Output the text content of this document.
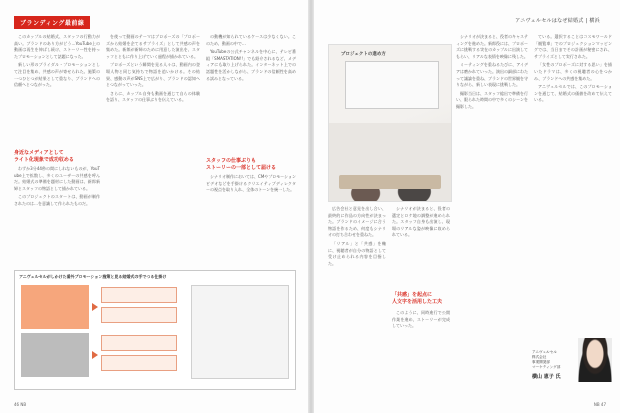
ブランディング最前線

このカップルの結婚式、スタッフの行動力が高い。ブランドのあり方がどう…YouTube上の動画は再生を伸ばし続け、ストーリー性を持ったプロモーションとして話題になった。

新しい形のブライダル・プロモーションとして注目を集め、共感の声が寄せられた。施策の一つひとつが結果として重なり、ブランドへの信頼へとつながった。

身近なメディアとして
ライト化現象で成功収める

わずか3分44秒の間にしれないものが、YouTube上で拡散し、多くのユーザーの共感を呼んだ。結婚式の準備を題材にした動画は、新郎新婦とスタッフの物語として描かれている。

このプロジェクトのスタートは、動画が制作されたのは…を意識して作られたものだ。

を使って動画のテーマはブロポーズの「プロポーズから結婚を企てるサプライズ」として共感の声を集めた。新郎が新婦のために用意した演出を、スタッフとともに作り上げていく過程が描かれている。

プロポーズという瞬間を見る人々は、動画内の登場人物と同じ気持ちで物語を追いかける。その結果、感動の声がSNS上で広がり、ブランドの認知へとつながっていった。

さらに、カップル自身も動画を通じて自らの体験を語り、スタッフの仕事ぶりを伝えている。

の動機が知られているケースは少なくない。このため、動画の中で…

YouTubeの公式チャンネルを中心に、テレビ番組「SMASTATION!!」でも紹介されるなど、メディアにも取り上げられた。インターネット上での話題性を活かしながら、ブランドの信頼性を高める試みとなっている。

スタッフの仕事ぶりも
ストーリーの一部として届ける

シナリオ制作においては、CMやプロモーションビデオなどを手掛けるクリエイティブディレクターの視点を取り入れ、全体のトーンを統一した。

アニヴェルセルがしかけた番外プロモーション施策と見る結婚式の手でつる仕掛け
46 NB
アニヴェルセルはなぜ結婚式 | 横浜
プロジェクトの進め方

広告会社と意見を出し合い、最終的に作品の方向性が決まった。ブランドのイメージに合う物語を作るため、何度もシナリオの打ち合わせを重ねた。

「リアル」と「共感」を軸に、視聴者が自分の物語として受け止められる内容を目指した。

シナリオが決まると、役者の選定とロケ地の調整が進められた。スタッフ自身も出演し、現場のリアルな姿が映像に収められている。

「共感」を起点に
人文字を活用した工夫

このように、同時進行で公開作業を進め、ストーリーが完成していった。

シナリオが決まると、役者のキャスティングを進めた。新郎役には、プロポーズに挑戦する実在のカップルに出演してもらい、リアルな表情を映像に残した。

ミーティングを重ねるたびに、アイデアは磨かれていった。演出の細部にわたって議論を重ね、ブランドの世界観を守りながら、新しい表現に挑戦した。

撮影当日は、スタッフ総出で準備を行い、限られた時間の中で多くのシーンを撮影した。

ている。選択することはコスモワールド「観覧車」でのプロジェクションマッピングでは、当日までその計画が秘密にされ、サプライズとして実行された。

「女性のプロポーズに対する思い」を描いたドラマは、多くの視聴者の心をつかみ、ブランドへの共感を集めた。

アニヴェルセルでは、このプロモーションを通じて、結婚式の価値を改めて伝えている。

アニヴェルセル
株式会社
事業開発部
マーケティング部
横山 恵子 氏
NB 47
